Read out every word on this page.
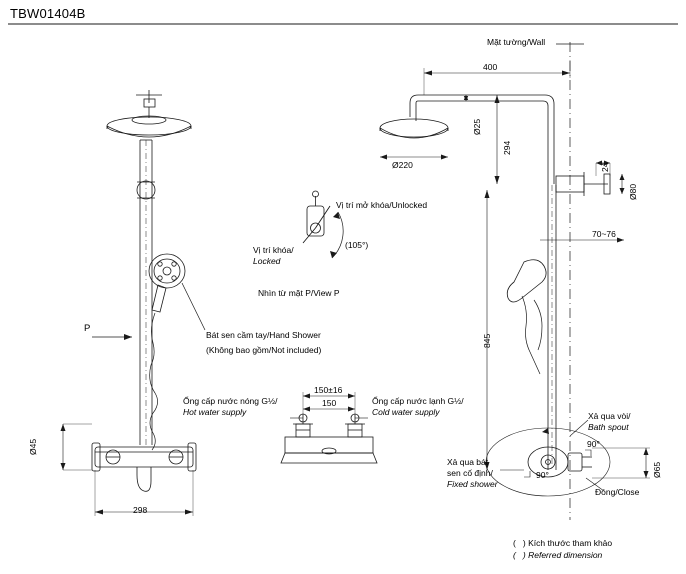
TBW01404B
Mặt tường/Wall
400
Ø25
294
Ø220	24
Ø80
70~76
845
Ø45
298
Ø65
150±16
150
Vị trí mở khóa/Unlocked
Vị trí khóa/
Locked
(105°)
Nhìn từ mặt P/View P
P
Bát sen cầm tay/Hand Shower
(Không bao gồm/Not included)
Ống cấp nước nóng G½/
Hot water supply
Ống cấp nước lạnh G½/
Cold water supply	Xả qua vòi/
Bath spout
Xả qua bát
sen cố định/
Fixed shower
Đóng/Close
90°
90°
(   ) Kích thước tham khảo
(   ) Referred dimension
